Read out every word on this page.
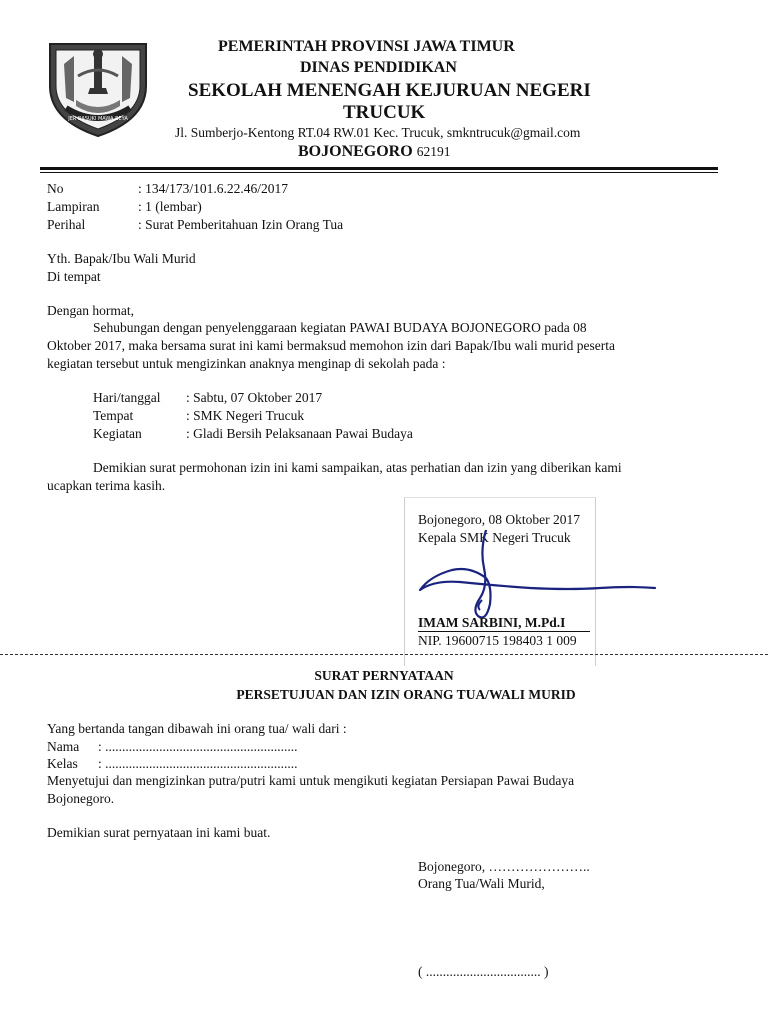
JER BASUKI MAWA BEYA
PEMERINTAH PROVINSI JAWA TIMUR
DINAS PENDIDIKAN
SEKOLAH MENENGAH KEJURUAN NEGERI
TRUCUK
Jl. Sumberjo-Kentong RT.04 RW.01 Kec. Trucuk, smkntrucuk@gmail.com
BOJONEGORO 62191
No	: 134/173/101.6.22.46/2017
Lampiran	: 1 (lembar)
Perihal	: Surat Pemberitahuan Izin Orang Tua
Yth. Bapak/Ibu Wali Murid
Di tempat
Dengan hormat,
Sehubungan dengan penyelenggaraan kegiatan PAWAI BUDAYA BOJONEGORO pada 08
Oktober 2017, maka bersama surat ini kami bermaksud memohon izin dari Bapak/Ibu wali murid peserta
kegiatan tersebut untuk mengizinkan anaknya menginap di sekolah pada :
Hari/tanggal : Sabtu, 07 Oktober 2017
Tempat	: SMK Negeri Trucuk
Kegiatan	: Gladi Bersih Pelaksanaan Pawai Budaya
Demikian surat permohonan izin ini kami sampaikan, atas perhatian dan izin yang diberikan kami
ucapkan terima kasih.
Bojonegoro, 08 Oktober 2017
Kepala SMK Negeri Trucuk
IMAM SARBINI, M.Pd.I
NIP. 19600715 198403 1 009
SURAT PERNYATAAN
PERSETUJUAN DAN IZIN ORANG TUA/WALI MURID
Yang bertanda tangan dibawah ini orang tua/ wali dari :
Nama : .........................................................
Kelas : .........................................................
Menyetujui dan mengizinkan putra/putri kami untuk mengikuti kegiatan Persiapan Pawai Budaya
Bojonegoro.
Demikian surat pernyataan ini kami buat.
Bojonegoro, …………………..
Orang Tua/Wali Murid,
( .................................. )
